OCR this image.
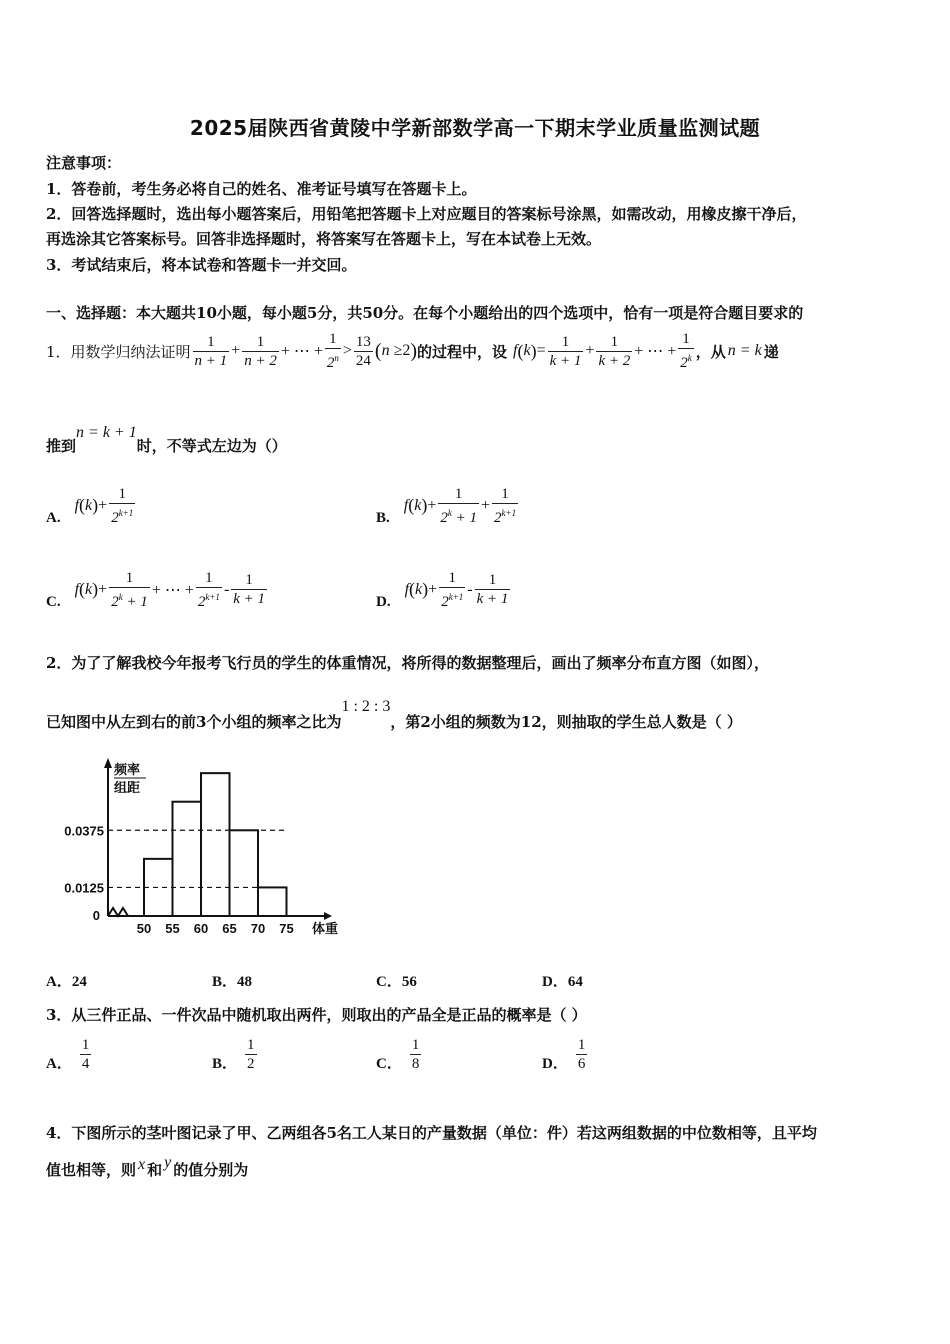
2025届陕西省黄陵中学新部数学高一下期末学业质量监测试题
注意事项：
1．答卷前，考生务必将自己的姓名、准考证号填写在答题卡上。
2．回答选择题时，选出每小题答案后，用铅笔把答题卡上对应题目的答案标号涂黑，如需改动，用橡皮擦干净后，
再选涂其它答案标号。回答非选择题时，将答案写在答题卡上，写在本试卷上无效。
3．考试结束后，将本试卷和答题卡一并交回。
一、选择题：本大题共10小题，每小题5分，共50分。在每个小题给出的四个选项中，恰有一项是符合题目要求的
1．用数学归纳法证明 $\frac{1}{n + 1} + \frac{1}{n + 2}$ + ⋯ + $\frac{1}{2^n} > \frac{13}{24}$ ( n ≥2 ) 的过程中，设 f ( k ) = $\frac{1}{k + 1} + \frac{1}{k + 2}$ + ⋯ + $\frac{1}{2^k}$ ，从 n = k 递
推到
n = k + 1
时，不等式左边为（）
A.
f ( k ) + $\frac{1}{2^{k+1}}$	B.
f ( k ) + $\frac{1}{2^k + 1} + \frac{1}{2^{k+1}}$
C.
f ( k ) + $\frac{1}{2^k + 1}$ + ⋯ + $\frac{1}{2^{k+1}} - \frac{1}{k + 1}$	D.
f ( k ) + $\frac{1}{2^{k+1}} - \frac{1}{k + 1}$
2．为了了解我校今年报考飞行员的学生的体重情况，将所得的数据整理后，画出了频率分布直方图（如图），
已知图中从左到右的前3个小组的频率之比为
1 : 2 : 3
，第2小组的频数为12，则抽取的学生总人数是（ ）
频率
组距
0.0375
0.0125
0
50 55 60 65 70 75 体重
A．24	B．48	C．56	D．64
3．从三件正品、一件次品中随机取出两件，则取出的产品全是正品的概率是（ ）
A． $\frac{1}{4}$	B． $\frac{1}{2}$	C． $\frac{1}{8}$	D． $\frac{1}{6}$
4．下图所示的茎叶图记录了甲、乙两组各5名工人某日的产量数据（单位：件）若这两组数据的中位数相等，且平均
值也相等，则 x 和 y 的值分别为
